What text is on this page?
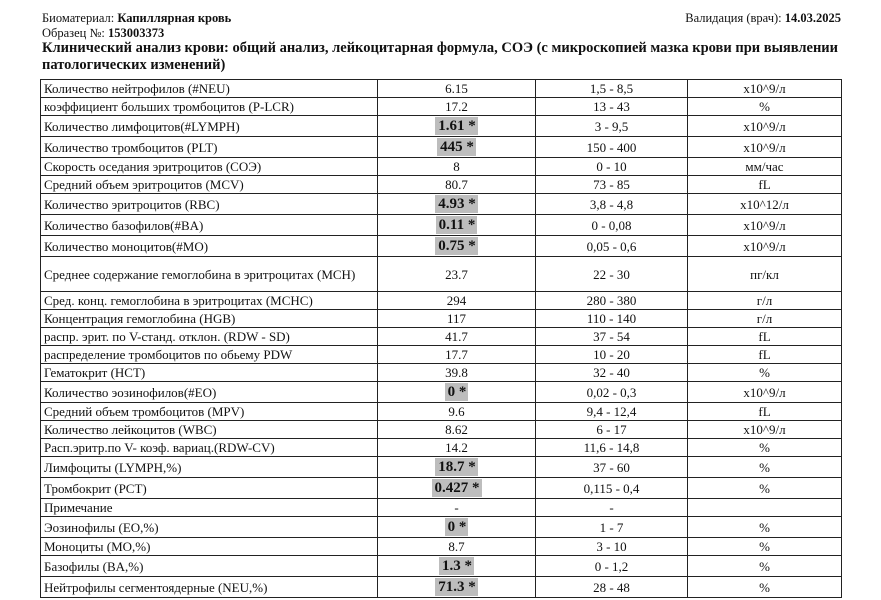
Биоматериал: Капиллярная кровь
Образец №: 153003373
Валидация (врач): 14.03.2025
Клинический анализ крови: общий анализ, лейкоцитарная формула, СОЭ (с микроскопией мазка крови при выявлении патологических изменений)
Количество нейтрофилов (#NEU)	6.15	1,5 - 8,5	x10^9/л
коэффициент больших тромбоцитов (P-LCR)	17.2	13 - 43	%
Количество лимфоцитов(#LYMPH)	1.61 *	3 - 9,5	x10^9/л
Количество тромбоцитов (PLT)	445 *	150 - 400	x10^9/л
Скорость оседания эритроцитов (СОЭ)	8	0 - 10	мм/час
Средний объем эритроцитов (MCV)	80.7	73 - 85	fL
Количество эритроцитов (RBC)	4.93 *	3,8 - 4,8	x10^12/л
Количество базофилов(#BA)	0.11 *	0 - 0,08	x10^9/л
Количество моноцитов(#MO)	0.75 *	0,05 - 0,6	x10^9/л
Среднее содержание гемоглобина в эритроцитах (MCH)	23.7	22 - 30	пг/кл
Сред. конц. гемоглобина в эритроцитах (MCHC)	294	280 - 380	г/л
Концентрация гемоглобина (HGB)	117	110 - 140	г/л
распр. эрит. по V-станд. отклон. (RDW - SD)	41.7	37 - 54	fL
распределение тромбоцитов по обьему PDW	17.7	10 - 20	fL
Гематокрит (HCT)	39.8	32 - 40	%
Количество эозинофилов(#EO)	0 *	0,02 - 0,3	x10^9/л
Средний объем тромбоцитов (MPV)	9.6	9,4 - 12,4	fL
Количество лейкоцитов (WBC)	8.62	6 - 17	x10^9/л
Расп.эритр.по V- коэф. вариац.(RDW-CV)	14.2	11,6 - 14,8	%
Лимфоциты (LYMPH,%)	18.7 *	37 - 60	%
Тромбокрит (PCT)	0.427 *	0,115 - 0,4	%
Примечание	-	-	
Эозинофилы (EO,%)	0 *	1 - 7	%
Моноциты (MO,%)	8.7	3 - 10	%
Базофилы (BA,%)	1.3 *	0 - 1,2	%
Нейтрофилы сегментоядерные (NEU,%)	71.3 *	28 - 48	%
